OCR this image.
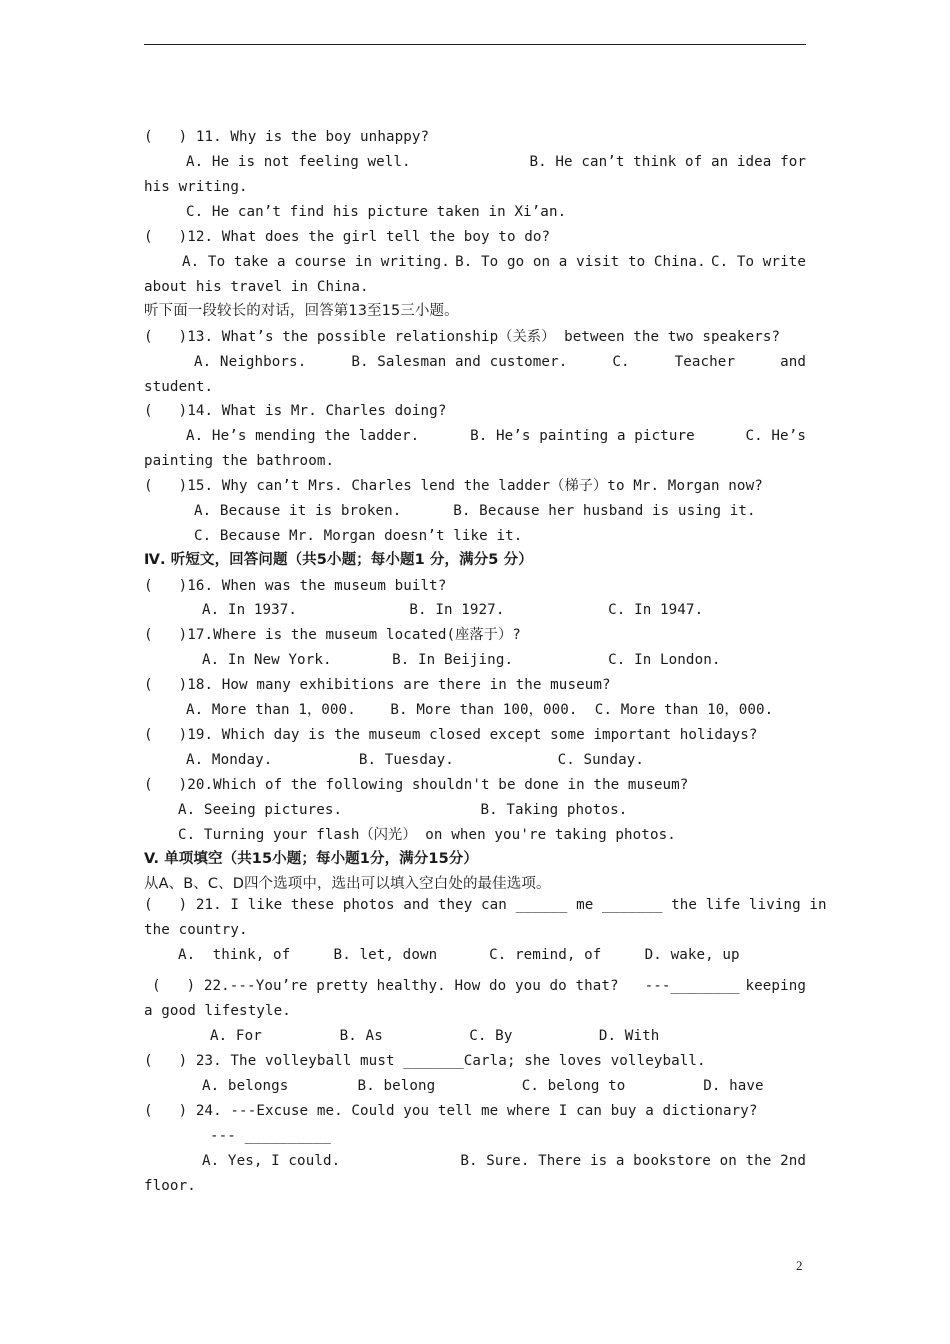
(   ) 11. Why is the boy unhappy?
A. He is not feeling well.	B. He can’t think of an idea for
his writing.
C. He can’t find his picture taken in Xi’an.
(   )12. What does the girl tell the boy to do?
A. To take a course in writing. B. To go on a visit to China. C. To write
about his travel in China.
听下面一段较长的对话，回答第13至15三小题。
(   )13. What’s the possible relationship（关系） between the two speakers?
A. Neighbors.	B. Salesman and customer.	C.	Teacher	and
student.
(   )14. What is Mr. Charles doing?
A. He’s mending the ladder.	B. He’s painting a picture	C. He’s
painting the bathroom.
(   )15. Why can’t Mrs. Charles lend the ladder（梯子）to Mr. Morgan now?
A. Because it is broken.      B. Because her husband is using it.
C. Because Mr. Morgan doesn’t like it.
Ⅳ. 听短文，回答问题（共5小题；每小题1 分，满分5 分）
(   )16. When was the museum built?
A. In 1937.             B. In 1927.            C. In 1947.
(   )17.Where is the museum located(座落于）?
A. In New York.       B. In Beijing.           C. In London.
(   )18. How many exhibitions are there in the museum?
A. More than 1，000.    B. More than 100，000.  C. More than 10，000.
(   )19. Which day is the museum closed except some important holidays?
A. Monday.          B. Tuesday.            C. Sunday.
(   )20.Which of the following shouldn't be done in the museum?
A. Seeing pictures.                B. Taking photos.
C. Turning your flash（闪光） on when you're taking photos.
V. 单项填空（共15小题；每小题1分，满分15分）
从A、B、C、D四个选项中，选出可以填入空白处的最佳选项。
(   ) 21. I like these photos and they can ______ me _______ the life living in
the country.
A.  think, of     B. let, down      C. remind, of     D. wake, up
(   ) 22.---You’re pretty healthy. How do you do that?   ---________ keeping
a good lifestyle.
A. For         B. As          C. By          D. With
(   ) 23. The volleyball must _______Carla; she loves volleyball.
A. belongs        B. belong          C. belong to         D. have
(   ) 24. ---Excuse me. Could you tell me where I can buy a dictionary?
--- __________
A. Yes, I could.	B. Sure. There is a bookstore on the 2nd
floor.
2
